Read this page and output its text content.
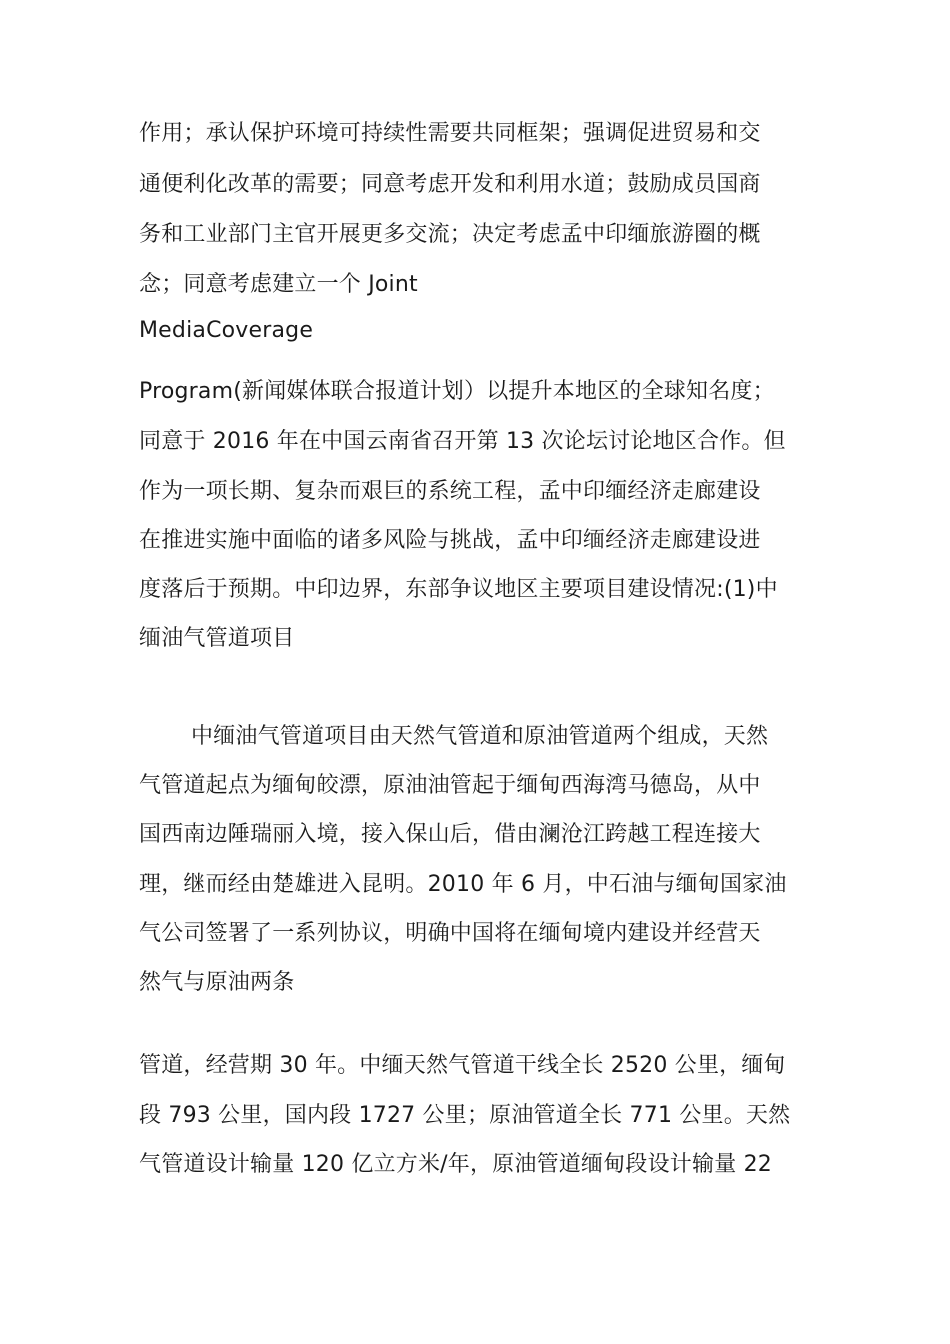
作用；承认保护环境可持续性需要共同框架；强调促进贸易和交
通便利化改革的需要；同意考虑开发和利用水道；鼓励成员国商
务和工业部门主官开展更多交流；决定考虑孟中印缅旅游圈的概
念；同意考虑建立一个 Joint
MediaCoverage
Program(新闻媒体联合报道计划）以提升本地区的全球知名度；
同意于 2016 年在中国云南省召开第 13 次论坛讨论地区合作。但
作为一项长期、复杂而艰巨的系统工程，孟中印缅经济走廊建设
在推进实施中面临的诸多风险与挑战，孟中印缅经济走廊建设进
度落后于预期。中印边界，东部争议地区主要项目建设情况:(1)中
缅油气管道项目
中缅油气管道项目由天然气管道和原油管道两个组成，天然
气管道起点为缅甸皎漂，原油油管起于缅甸西海湾马德岛，从中
国西南边陲瑞丽入境，接入保山后，借由澜沧江跨越工程连接大
理，继而经由楚雄进入昆明。2010 年 6 月，中石油与缅甸国家油
气公司签署了一系列协议，明确中国将在缅甸境内建设并经营天
然气与原油两条
管道，经营期 30 年。中缅天然气管道干线全长 2520 公里，缅甸
段 793 公里，国内段 1727 公里；原油管道全长 771 公里。天然
气管道设计输量 120 亿立方米/年，原油管道缅甸段设计输量 22
